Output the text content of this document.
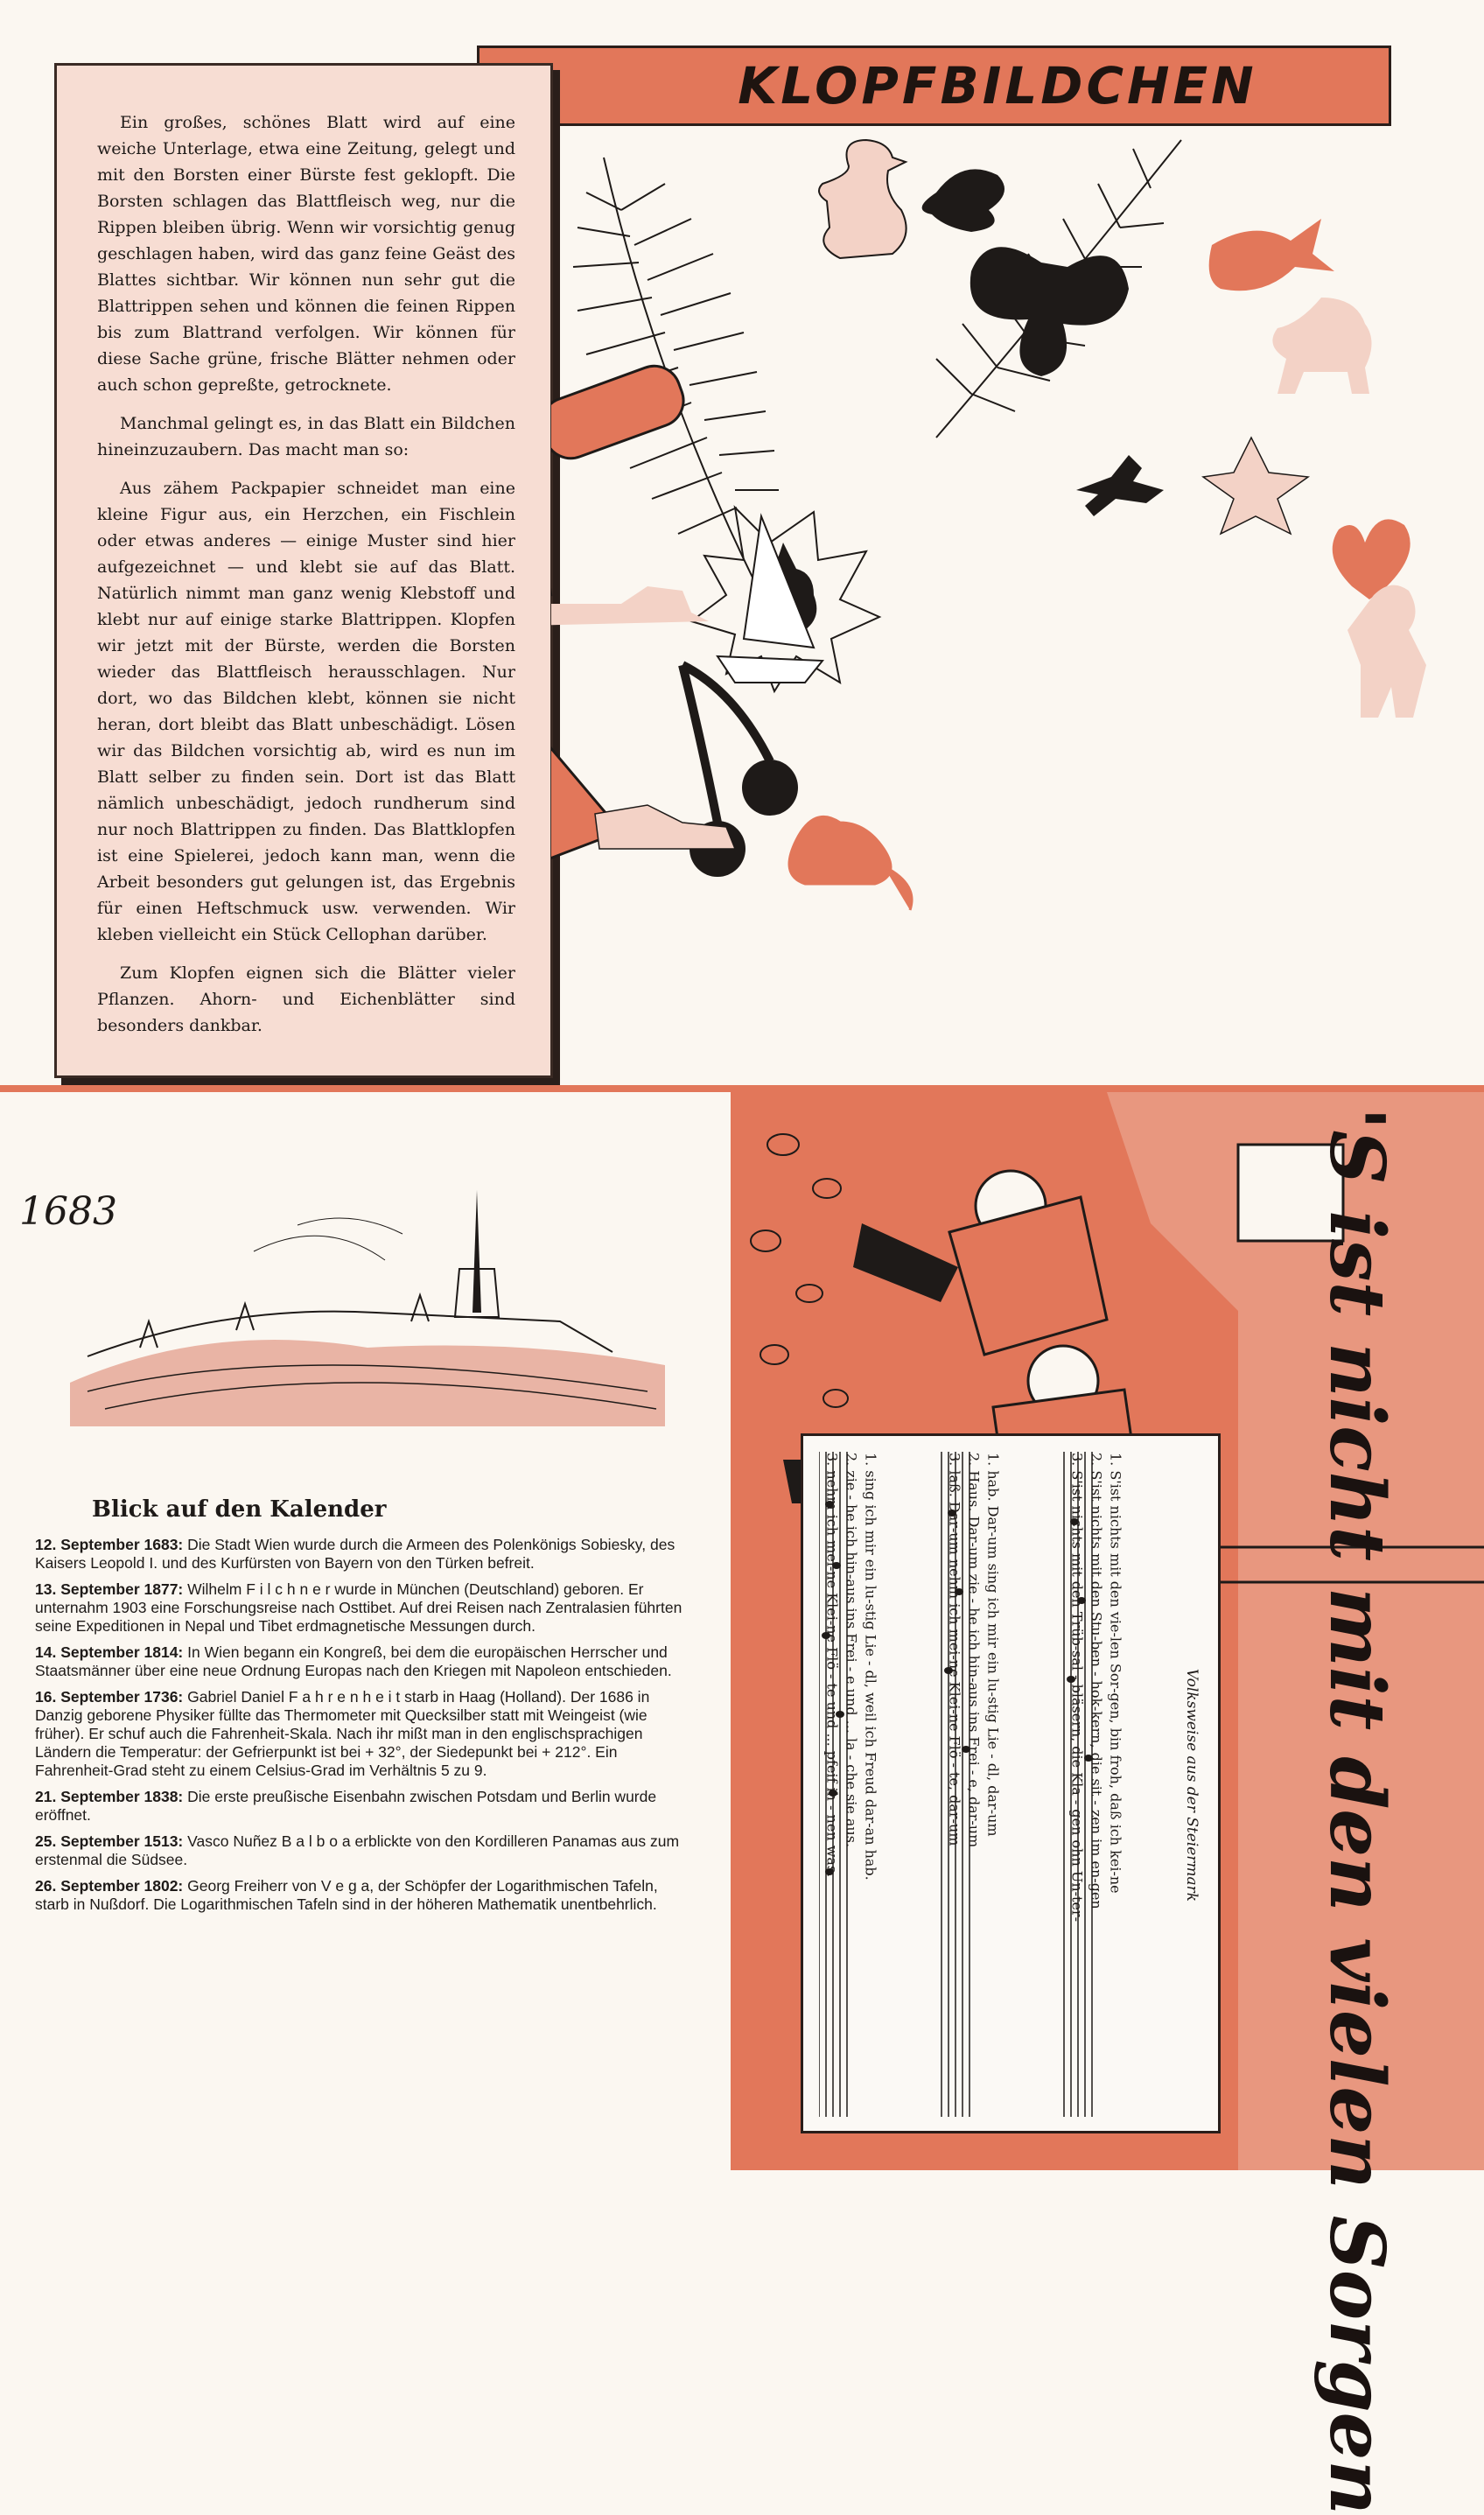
KLOPFBILDCHEN

Ein großes, schönes Blatt wird auf eine weiche Unterlage, etwa eine Zeitung, gelegt und mit den Borsten einer Bürste fest geklopft. Die Borsten schlagen das Blattfleisch weg, nur die Rippen bleiben übrig. Wenn wir vorsichtig genug geschlagen haben, wird das ganz feine Geäst des Blattes sichtbar. Wir können nun sehr gut die Blattrippen sehen und können die feinen Rippen bis zum Blattrand verfolgen. Wir können für diese Sache grüne, frische Blätter nehmen oder auch schon gepreßte, getrocknete.

Manchmal gelingt es, in das Blatt ein Bildchen hineinzuzaubern. Das macht man so:

Aus zähem Packpapier schneidet man eine kleine Figur aus, ein Herzchen, ein Fischlein oder etwas anderes — einige Muster sind hier aufgezeichnet — und klebt sie auf das Blatt. Natürlich nimmt man ganz wenig Klebstoff und klebt nur auf einige starke Blattrippen. Klopfen wir jetzt mit der Bürste, werden die Borsten wieder das Blattfleisch herausschlagen. Nur dort, wo das Bildchen klebt, können sie nicht heran, dort bleibt das Blatt unbeschädigt. Lösen wir das Bildchen vorsichtig ab, wird es nun im Blatt selber zu finden sein. Dort ist das Blatt nämlich unbeschädigt, jedoch rundherum sind nur noch Blattrippen zu finden. Das Blattklopfen ist eine Spielerei, jedoch kann man, wenn die Arbeit besonders gut gelungen ist, das Ergebnis für einen Heftschmuck usw. verwenden. Wir kleben vielleicht ein Stück Cellophan darüber.

Zum Klopfen eignen sich die Blätter vieler Pflanzen. Ahorn- und Eichenblätter sind besonders dankbar.

1683
Blick auf den Kalender
12. September 1683: Die Stadt Wien wurde durch die Armeen des Polenkönigs Sobiesky, des Kaisers Leopold I. und des Kurfürsten von Bayern von den Türken befreit.
13. September 1877: Wilhelm F i l c h n e r wurde in München (Deutschland) geboren. Er unternahm 1903 eine Forschungsreise nach Osttibet. Auf drei Reisen nach Zentralasien führten seine Expeditionen in Nepal und Tibet erdmagnetische Messungen durch.
14. September 1814: In Wien begann ein Kongreß, bei dem die europäischen Herrscher und Staatsmänner über eine neue Ordnung Europas nach den Kriegen mit Napoleon entschieden.
16. September 1736: Gabriel Daniel F a h r e n h e i t starb in Haag (Holland). Der 1686 in Danzig geborene Physiker füllte das Thermometer mit Quecksilber statt mit Weingeist (wie früher). Er schuf auch die Fahrenheit-Skala. Nach ihr mißt man in den englischsprachigen Ländern die Temperatur: der Gefrierpunkt ist bei + 32°, der Siedepunkt bei + 212°. Ein Fahrenheit-Grad steht zu einem Celsius-Grad im Verhältnis 5 zu 9.
21. September 1838: Die erste preußische Eisenbahn zwischen Potsdam und Berlin wurde eröffnet.
25. September 1513: Vasco Nuñez B a l b o a erblickte von den Kordilleren Panamas aus zum erstenmal die Südsee.
26. September 1802: Georg Freiherr von V e g a, der Schöpfer der Logarithmischen Tafeln, starb in Nußdorf. Die Logarithmischen Tafeln sind in der höheren Mathematik unentbehrlich.	'S ist nicht mit den vielen Sorgen
Volksweise aus der Steiermark
1. S'ist nichts mit den vie-len Sor-gen, bin froh, daß ich kei-ne
2. S'ist nichts mit den Stu-ben - hok-kern, die sit - zen im en-gen
3. S'ist nichts mit den Trüb-sal - bläsern, die Kla - gen ohn Un-ter-
1. hab. Dar-um sing ich mir ein lu-stig Lie - dl, dar-um
2. Haus. Dar-um zie - he ich hin-aus ins Frei - e, dar-um
3. laß. Dar-um nehm ich mei-ne Klei-ne Flö - te, dar-um
1. sing ich mir ein lu-stig Lie - dl, weil ich Freud dar-an hab.
2. zie - he ich hin-aus ins Frei - e und ... la - che sie aus.
3. nehm ich mei-ne Klei-ne Flö - te und ... pfeif ih - nen was.
